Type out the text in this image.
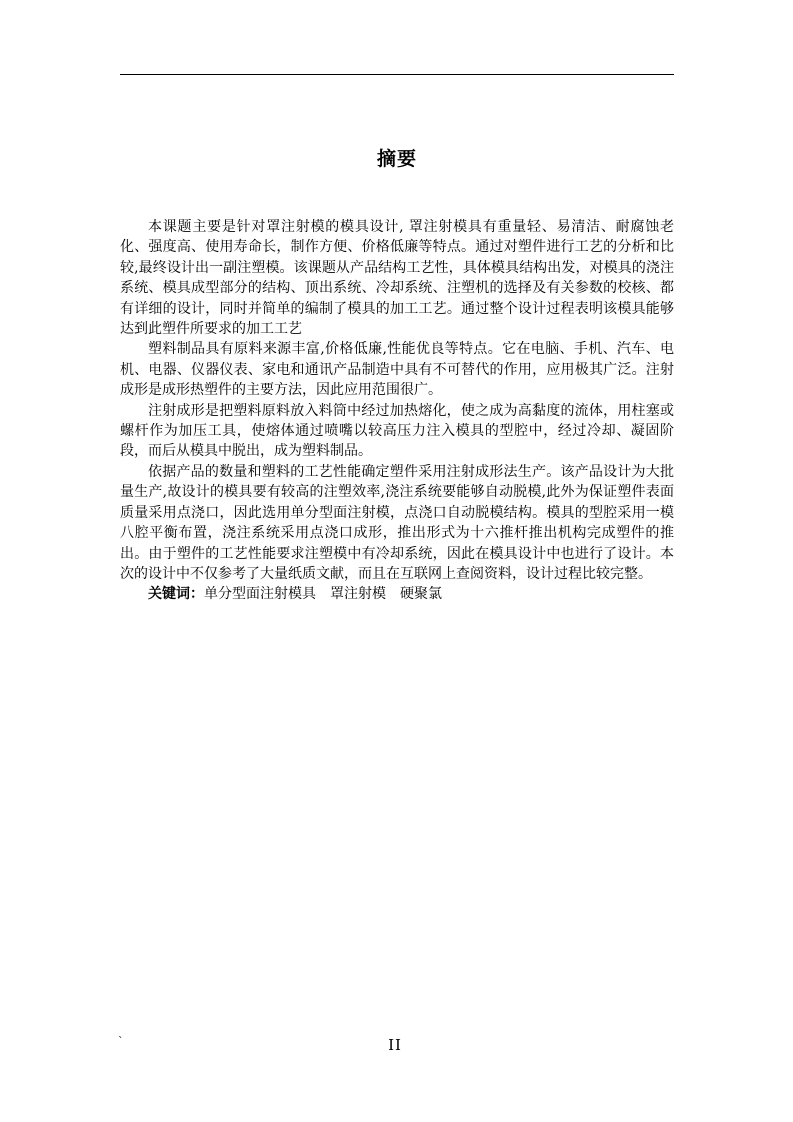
摘要

本课题主要是针对罩注射模的模具设计, 罩注射模具有重量轻、易清洁、耐腐蚀老化、强度高、使用寿命长，制作方便、价格低廉等特点。通过对塑件进行工艺的分析和比较,最终设计出一副注塑模。该课题从产品结构工艺性，具体模具结构出发，对模具的浇注系统、模具成型部分的结构、顶出系统、冷却系统、注塑机的选择及有关参数的校核、都有详细的设计，同时并简单的编制了模具的加工工艺。通过整个设计过程表明该模具能够达到此塑件所要求的加工工艺

塑料制品具有原料来源丰富,价格低廉,性能优良等特点。它在电脑、手机、汽车、电机、电器、仪器仪表、家电和通讯产品制造中具有不可替代的作用，应用极其广泛。注射成形是成形热塑件的主要方法，因此应用范围很广。

注射成形是把塑料原料放入料筒中经过加热熔化，使之成为高黏度的流体，用柱塞或螺杆作为加压工具，使熔体通过喷嘴以较高压力注入模具的型腔中，经过冷却、凝固阶段，而后从模具中脱出，成为塑料制品。

依据产品的数量和塑料的工艺性能确定塑件采用注射成形法生产。该产品设计为大批量生产,故设计的模具要有较高的注塑效率,浇注系统要能够自动脱模,此外为保证塑件表面质量采用点浇口，因此选用单分型面注射模，点浇口自动脱模结构。模具的型腔采用一模八腔平衡布置，浇注系统采用点浇口成形，推出形式为十六推杆推出机构完成塑件的推出。由于塑件的工艺性能要求注塑模中有冷却系统，因此在模具设计中也进行了设计。本次的设计中不仅参考了大量纸质文献，而且在互联网上查阅资料，设计过程比较完整。

关键词：单分型面注射模具 罩注射模 硬聚氯

`	II
